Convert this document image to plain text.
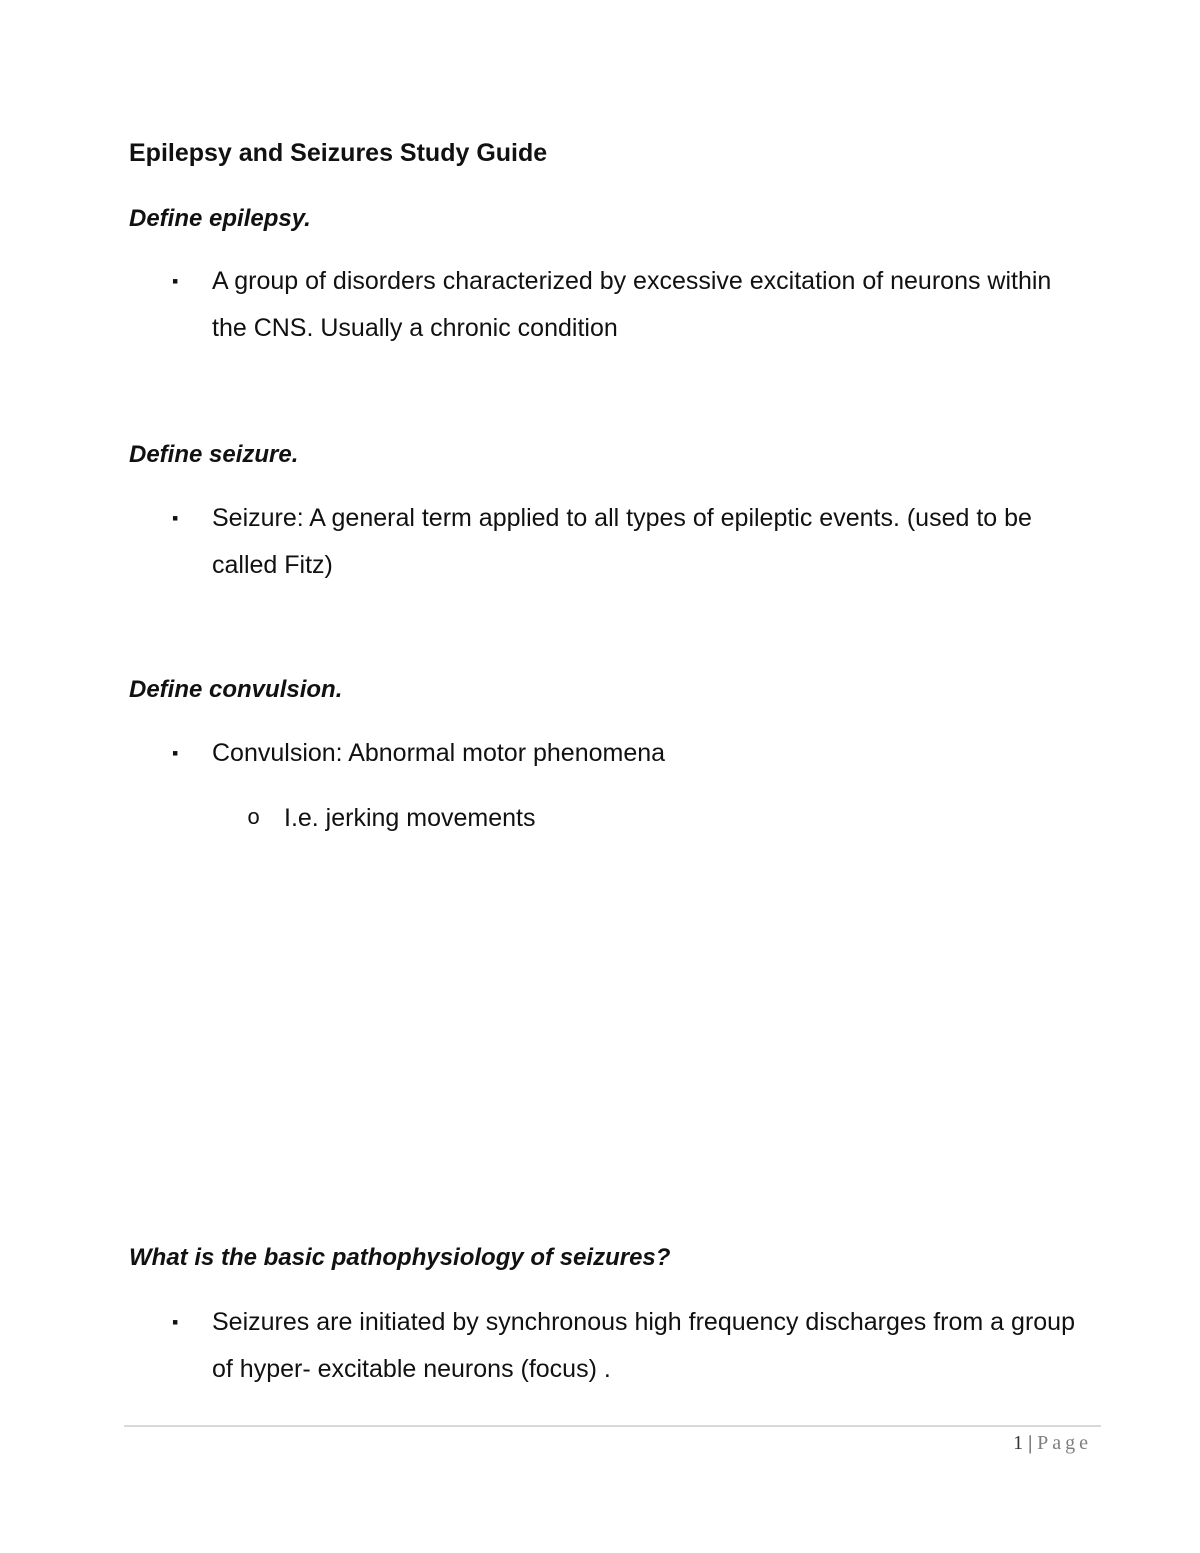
Epilepsy and Seizures Study Guide
Define epilepsy.
▪ A group of disorders characterized by excessive excitation of neurons within the CNS. Usually a chronic condition
Define seizure.
▪ Seizure: A general term applied to all types of epileptic events. (used to be called Fitz)
Define convulsion.
▪ Convulsion: Abnormal motor phenomena
o I.e. jerking movements
What is the basic pathophysiology of seizures?
▪ Seizures are initiated by synchronous high frequency discharges from a group of hyper- excitable neurons (focus) .
1 | Page
